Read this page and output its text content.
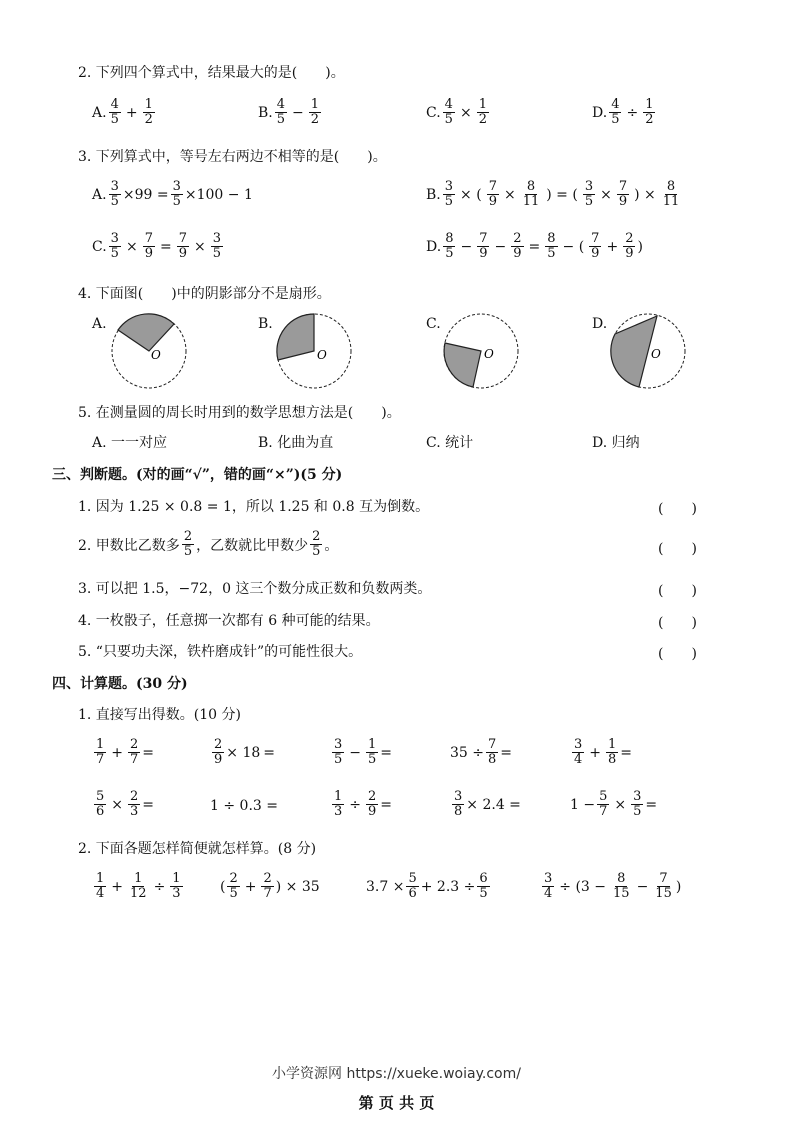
2. 下列四个算式中，结果最大的是(　　)。
A. $\frac{4}{5} + \frac{1}{2}$	B. $\frac{4}{5} - \frac{1}{2}$	C. $\frac{4}{5} \times \frac{1}{2}$	D. $\frac{4}{5} \div \frac{1}{2}$
3. 下列算式中，等号左右两边不相等的是(　　)。
A. $\frac{3}{5} \times 99 = \frac{3}{5} \times 100 - 1$	B. $\frac{3}{5}$ × ( $\frac{7}{9} \times \frac{8}{11}$ ) = ( $\frac{3}{5} \times \frac{7}{9}$ ) × $\frac{8}{11}$
C. $\frac{3}{5} \times \frac{7}{9} = \frac{7}{9} \times \frac{3}{5}$	D. $\frac{8}{5} - \frac{7}{9} - \frac{2}{9} = \frac{8}{5}$ − ( $\frac{7}{9} + \frac{2}{9}$ )
4. 下面图(　　)中的阴影部分不是扇形。
A.
O
B.
O
C.
O
D.
O
5. 在测量圆的周长时用到的数学思想方法是(　　)。
A. 一一对应	B. 化曲为直	C. 统计	D. 归纳
三、判断题。(对的画“√”，错的画“×”)(5 分)
1. 因为 1.25 × 0.8 = 1，所以 1.25 和 0.8 互为倒数。	(　　)
2. 甲数比乙数多 $\frac{2}{5}$ ，乙数就比甲数少 $\frac{2}{5}$ 。	(　　)
3. 可以把 1.5，−72，0 这三个数分成正数和负数两类。	(　　)
4. 一枚骰子，任意掷一次都有 6 种可能的结果。	(　　)
5. “只要功夫深，铁杵磨成针”的可能性很大。	(　　)
四、计算题。(30 分)
1. 直接写出得数。(10 分)
$\frac{1}{7} + \frac{2}{7}$ =	$\frac{2}{9} \times 18$ =	$\frac{3}{5} - \frac{1}{5}$ =	$35 \div \frac{7}{8}$ =	$\frac{3}{4} + \frac{1}{8}$ =
$\frac{5}{6} \times \frac{2}{3}$ =	1 ÷ 0.3 =	$\frac{1}{3} \div \frac{2}{9}$ =	$\frac{3}{8} \times 2.4$ =	$1 - \frac{5}{7} \times \frac{3}{5}$ =
2. 下面各题怎样简便就怎样算。(8 分)
$\frac{1}{4} + \frac{1}{12} \div \frac{1}{3}$	( $\frac{2}{5} + \frac{2}{7}$ ) × 35	$3.7 \times \frac{5}{6} + 2.3 \div \frac{6}{5}$	$\frac{3}{4} \div (3 - \frac{8}{15} - \frac{7}{15}$ )
小学资源网 https://xueke.woiay.com/
第 页 共 页
